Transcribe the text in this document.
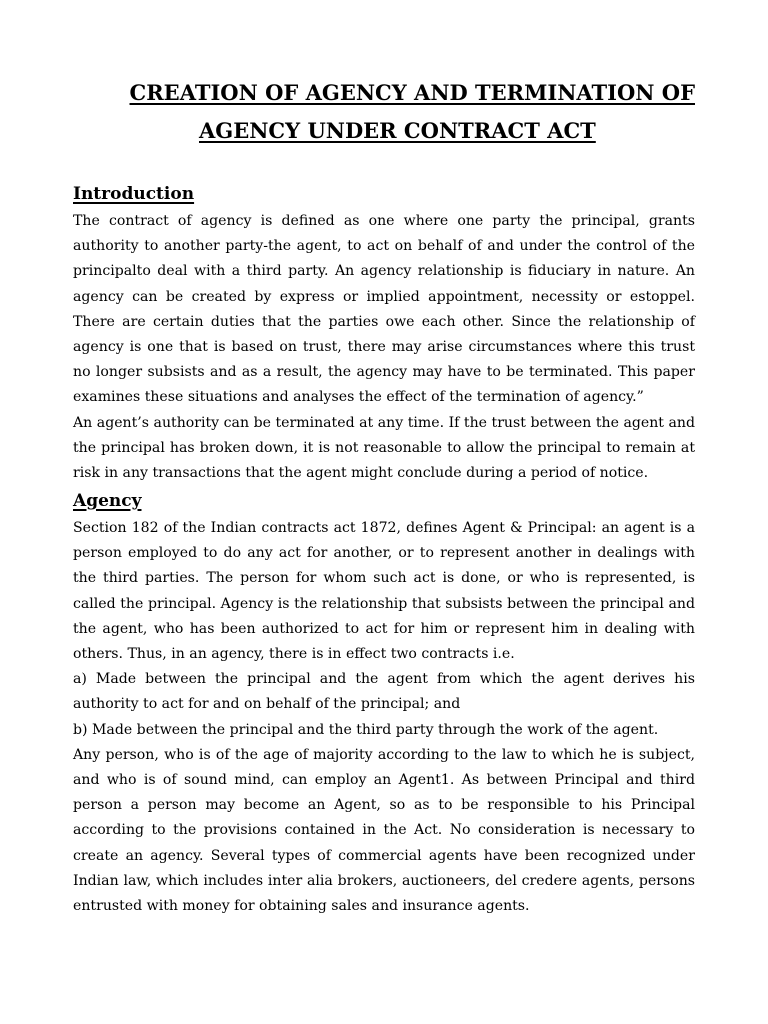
CREATION OF AGENCY AND TERMINATION OF
AGENCY UNDER CONTRACT ACT
Introduction

The contract of agency is defined as one where one party the principal, grants authority to another party-the agent, to act on behalf of and under the control of the principalto deal with a third party. An agency relationship is fiduciary in nature. An agency can be created by express or implied appointment, necessity or estoppel. There are certain duties that the parties owe each other. Since the relationship of agency is one that is based on trust, there may arise circumstances where this trust no longer subsists and as a result, the agency may have to be terminated. This paper examines these situations and analyses the effect of the termination of agency.”

An agent’s authority can be terminated at any time. If the trust between the agent and the principal has broken down, it is not reasonable to allow the principal to remain at risk in any transactions that the agent might conclude during a period of notice.

Agency

Section 182 of the Indian contracts act 1872, defines Agent & Principal: an agent is a person employed to do any act for another, or to represent another in dealings with the third parties. The person for whom such act is done, or who is represented, is called the principal. Agency is the relationship that subsists between the principal and the agent, who has been authorized to act for him or represent him in dealing with others. Thus, in an agency, there is in effect two contracts i.e.

a) Made between the principal and the agent from which the agent derives his authority to act for and on behalf of the principal; and

b) Made between the principal and the third party through the work of the agent.

Any person, who is of the age of majority according to the law to which he is subject, and who is of sound mind, can employ an Agent1. As between Principal and third person a person may become an Agent, so as to be responsible to his Principal according to the provisions contained in the Act. No consideration is necessary to create an agency. Several types of commercial agents have been recognized under Indian law, which includes inter alia brokers, auctioneers, del credere agents, persons entrusted with money for obtaining sales and insurance agents.
